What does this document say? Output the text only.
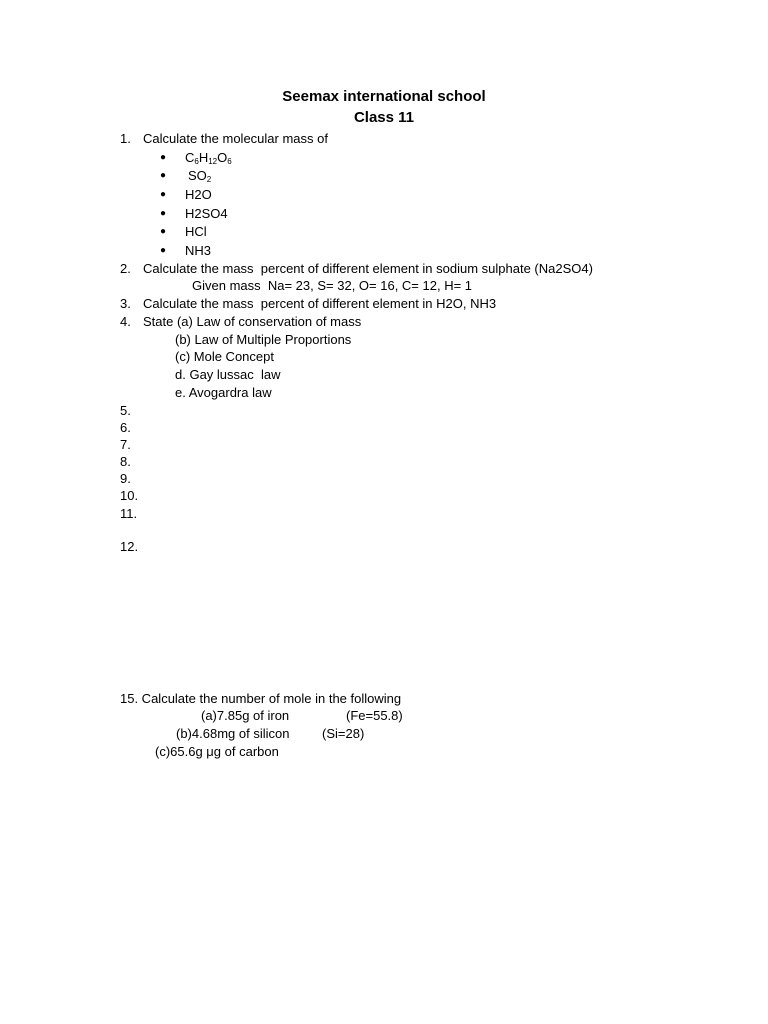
Seemax international school
Class 11
1. Calculate the molecular mass of
● $C_6H_{12}O_6$
● $SO_2$
● H2O
● H2SO4
● HCl
● NH3
2. Calculate the mass  percent of different element in sodium sulphate (Na2SO4)
Given mass  Na= 23, S= 32, O= 16, C= 12, H= 1
3. Calculate the mass  percent of different element in H2O, NH3
4. State (a) Law of conservation of mass
(b) Law of Multiple Proportions
(c) Mole Concept
d. Gay lussac  law
e. Avogardra law
5.
6.
7.
8.
9.
10.
11.
12.
15. Calculate the number of mole in the following
(a)7.85g of iron	(Fe=55.8)
(b)4.68mg of silicon	(Si=28)
(c)65.6g μg of carbon
